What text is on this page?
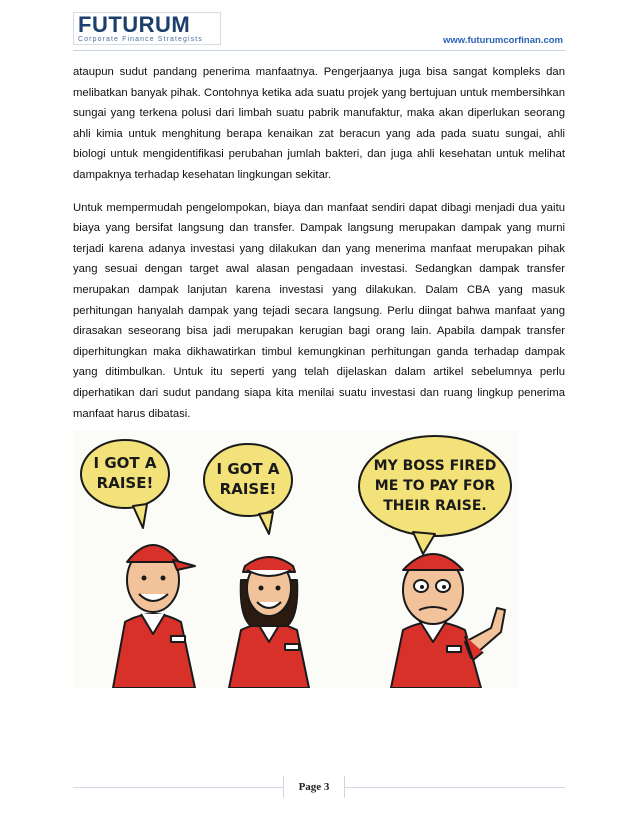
FUTURUM
Corporate Finance Strategists	www.futurumcorfinan.com

ataupun sudut pandang penerima manfaatnya. Pengerjaanya juga bisa sangat kompleks dan melibatkan banyak pihak. Contohnya ketika ada suatu projek yang bertujuan untuk membersihkan sungai yang terkena polusi dari limbah suatu pabrik manufaktur, maka akan diperlukan seorang ahli kimia untuk menghitung berapa kenaikan zat beracun yang ada pada suatu sungai, ahli biologi untuk mengidentifikasi perubahan jumlah bakteri, dan juga ahli kesehatan untuk melihat dampaknya terhadap kesehatan lingkungan sekitar.

Untuk mempermudah pengelompokan, biaya dan manfaat sendiri dapat dibagi menjadi dua yaitu biaya yang bersifat langsung dan transfer. Dampak langsung merupakan dampak yang murni terjadi karena adanya investasi yang dilakukan dan yang menerima manfaat merupakan pihak yang sesuai dengan target awal alasan pengadaan investasi. Sedangkan dampak transfer merupakan dampak lanjutan karena investasi yang dilakukan. Dalam CBA yang masuk perhitungan hanyalah dampak yang tejadi secara langsung. Perlu diingat bahwa manfaat yang dirasakan seseorang bisa jadi merupakan kerugian bagi orang lain. Apabila dampak transfer diperhitungkan maka dikhawatirkan timbul kemungkinan perhitungan ganda terhadap dampak yang ditimbulkan. Untuk itu seperti yang telah dijelaskan dalam artikel sebelumnya perlu diperhatikan dari sudut pandang siapa kita menilai suatu investasi dan ruang lingkup penerima manfaat harus dibatasi.

I GOT A
RAISE!
I GOT A
RAISE!
MY BOSS FIRED
ME TO PAY FOR
THEIR RAISE.
Page 3
